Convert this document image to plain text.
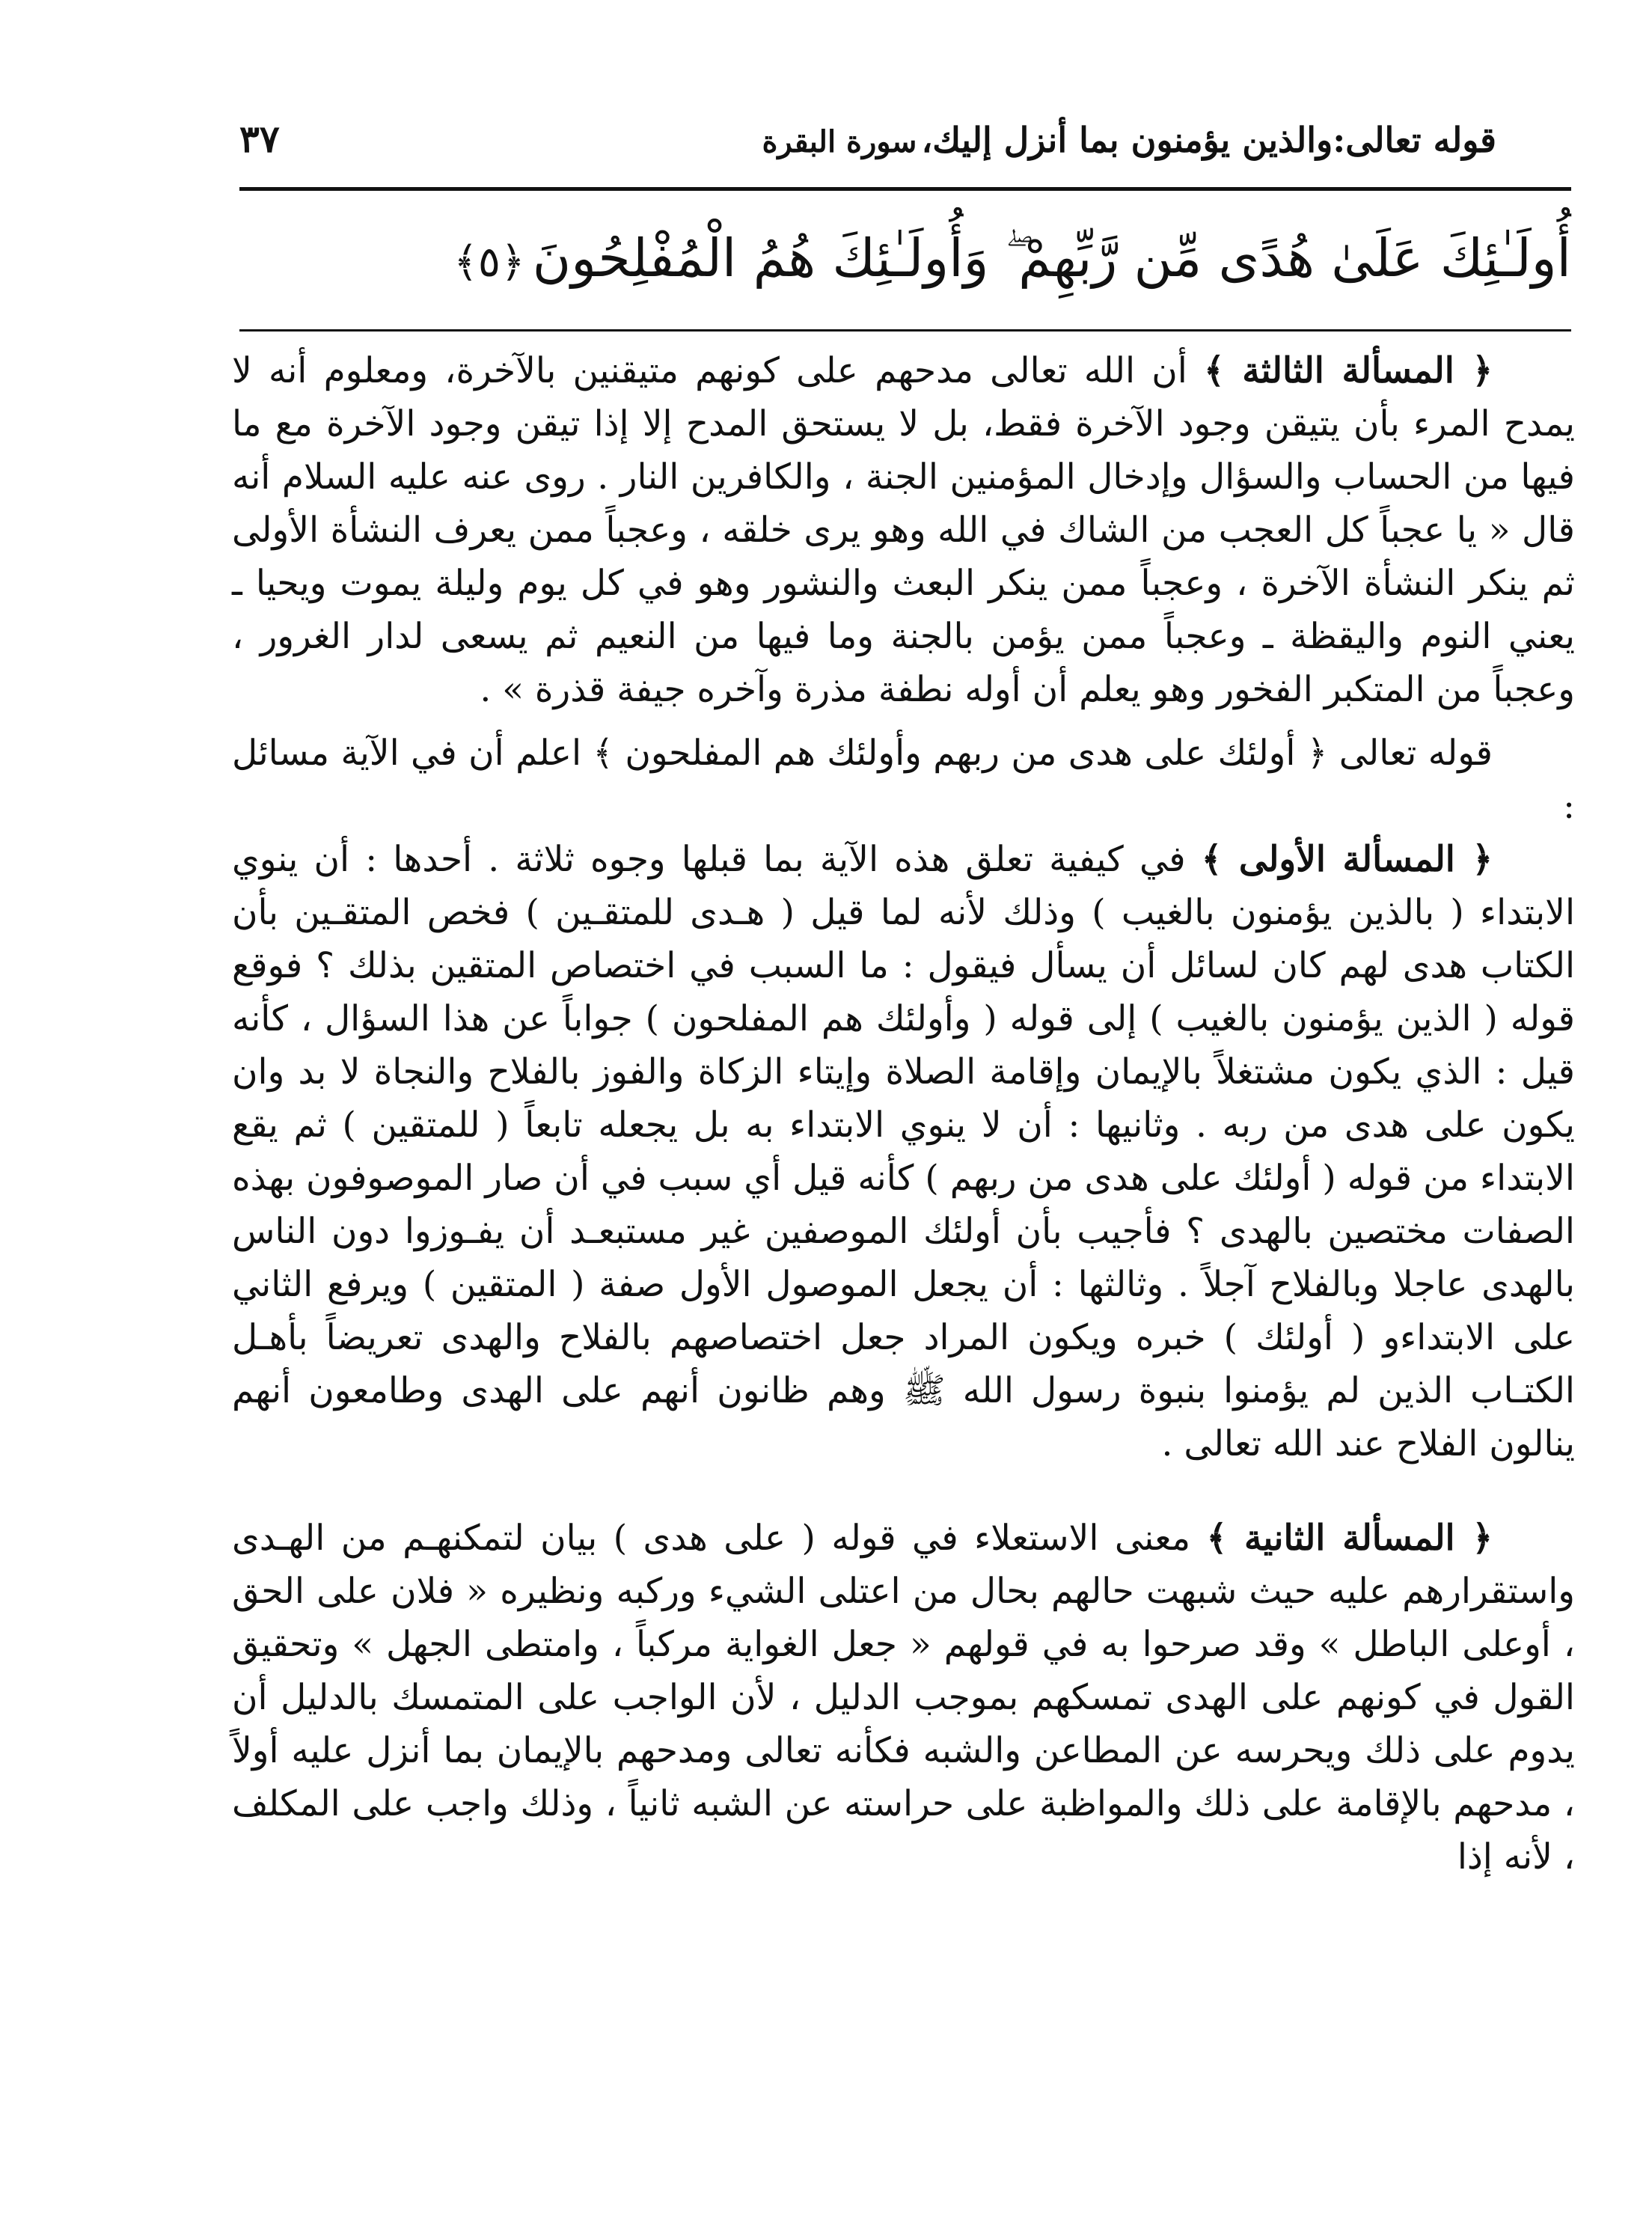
قوله تعالى:والذين يؤمنون بما أنزل إليك،سورة البقرة
٣٧
أُولَـٰئِكَ عَلَىٰ هُدًى مِّن رَّبِّهِمْ ۖ وَأُولَـٰئِكَ هُمُ الْمُفْلِحُونَ﴿٥﴾

﴿ المسألة الثالثة ﴾ أن الله تعالى مدحهم على كونهم متيقنين بالآخرة، ومعلوم أنه لا يمدح المرء بأن يتيقن وجود الآخرة فقط، بل لا يستحق المدح إلا إذا تيقن وجود الآخرة مع ما فيها من الحساب والسؤال وإدخال المؤمنين الجنة ، والكافرين النار . روى عنه عليه السلام أنه قال « يا عجباً كل العجب من الشاك في الله وهو يرى خلقه ، وعجباً ممن يعرف النشأة الأولى ثم ينكر النشأة الآخرة ، وعجباً ممن ينكر البعث والنشور وهو في كل يوم وليلة يموت ويحيا ـ يعني النوم واليقظة ـ وعجباً ممن يؤمن بالجنة وما فيها من النعيم ثم يسعى لدار الغرور ، وعجباً من المتكبر الفخور وهو يعلم أن أوله نطفة مذرة وآخره جيفة قذرة » .

قوله تعالى ﴿ أولئك على هدى من ربهم وأولئك هم المفلحون ﴾ اعلم أن في الآية مسائل :

﴿ المسألة الأولى ﴾ في كيفية تعلق هذه الآية بما قبلها وجوه ثلاثة . أحدها : أن ينوي الابتداء ( بالذين يؤمنون بالغيب ) وذلك لأنه لما قيل ( هـدى للمتقـين ) فخص المتقـين بأن الكتاب هدى لهم كان لسائل أن يسأل فيقول : ما السبب في اختصاص المتقين بذلك ؟ فوقع قوله ( الذين يؤمنون بالغيب ) إلى قوله ( وأولئك هم المفلحون ) جواباً عن هذا السؤال ، كأنه قيل : الذي يكون مشتغلاً بالإيمان وإقامة الصلاة وإيتاء الزكاة والفوز بالفلاح والنجاة لا بد وان يكون على هدى من ربه . وثانيها : أن لا ينوي الابتداء به بل يجعله تابعاً ( للمتقين ) ثم يقع الابتداء من قوله ( أولئك على هدى من ربهم ) كأنه قيل أي سبب في أن صار الموصوفون بهذه الصفات مختصين بالهدى ؟ فأجيب بأن أولئك الموصفين غير مستبعـد أن يفـوزوا دون الناس بالهدى عاجلا وبالفلاح آجلاً . وثالثها : أن يجعل الموصول الأول صفة ( المتقين ) ويرفع الثاني على الابتداءو ( أولئك ) خبره ويكون المراد جعل اختصاصهم بالفلاح والهدى تعريضاً بأهـل الكتـاب الذين لم يؤمنوا بنبوة رسول الله ﷺ وهم ظانون أنهم على الهدى وطامعون أنهم ينالون الفلاح عند الله تعالى .

﴿ المسألة الثانية ﴾ معنى الاستعلاء في قوله ( على هدى ) بيان لتمكنهـم من الهـدى واستقرارهم عليه حيث شبهت حالهم بحال من اعتلى الشيء وركبه ونظيره « فلان على الحق ، أوعلى الباطل » وقد صرحوا به في قولهم « جعل الغواية مركباً ، وامتطى الجهل » وتحقيق القول في كونهم على الهدى تمسكهم بموجب الدليل ، لأن الواجب على المتمسك بالدليل أن يدوم على ذلك ويحرسه عن المطاعن والشبه فكأنه تعالى ومدحهم بالإيمان بما أنزل عليه أولاً ، مدحهم بالإقامة على ذلك والمواظبة على حراسته عن الشبه ثانياً ، وذلك واجب على المكلف ، لأنه إذا
